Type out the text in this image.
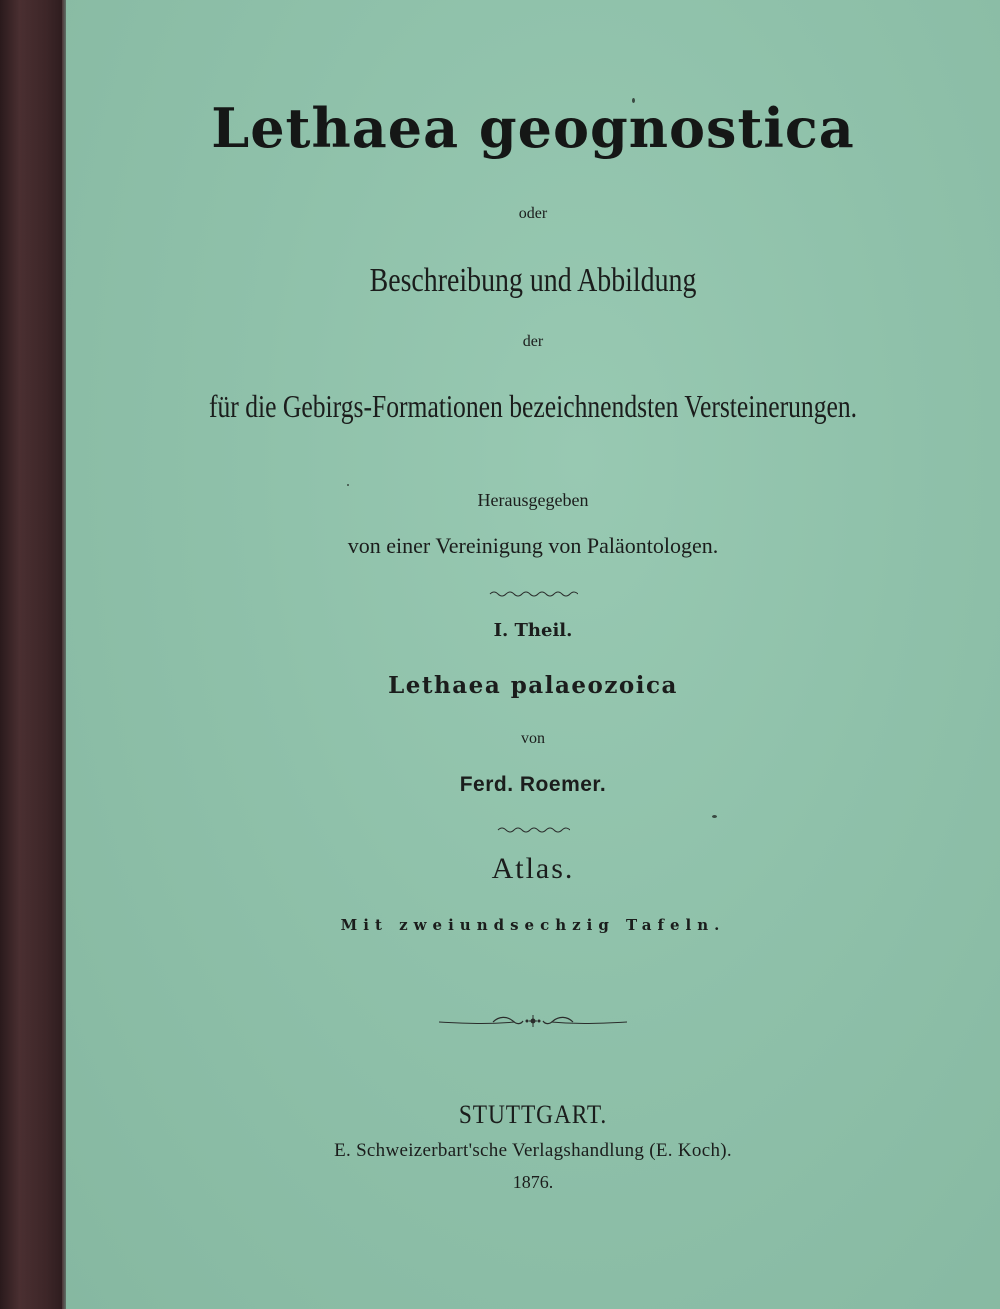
Lethaea geognostica
oder
Beschreibung und Abbildung
der
für die Gebirgs-Formationen bezeichnendsten Versteinerungen.
Herausgegeben
von einer Vereinigung von Paläontologen.
I. Theil.
Lethaea palaeozoica
von
Ferd. Roemer.
Atlas.
Mit zweiundsechzig Tafeln.
STUTTGART.
E. Schweizerbart'sche Verlagshandlung (E. Koch).
1876.
